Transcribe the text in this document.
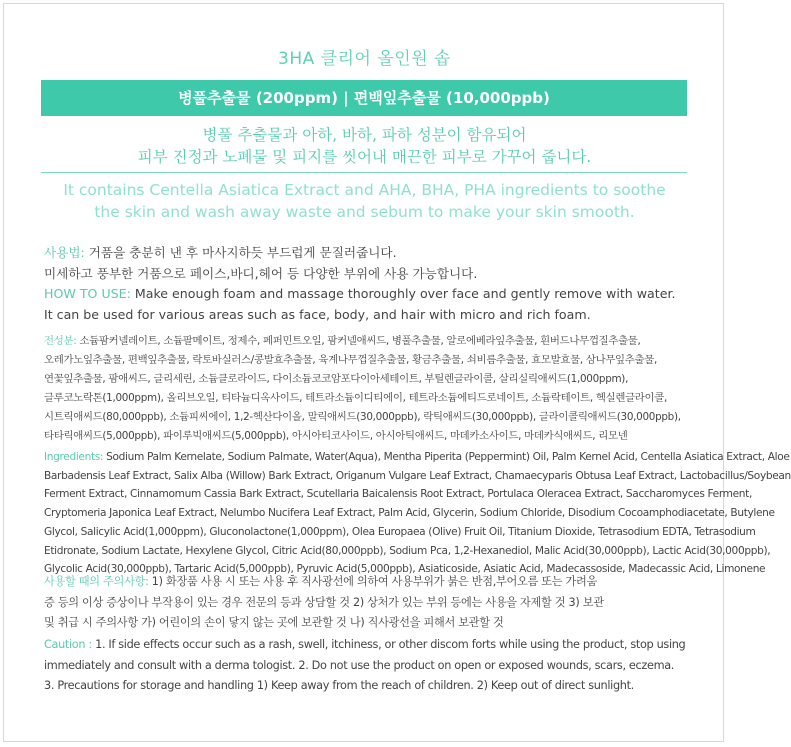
3HA 클리어 올인원 솝
병풀추출물 (200ppm) | 편백잎추출물 (10,000ppb)
병풀 추출물과 아하, 바하, 파하 성분이 함유되어
피부 진정과 노폐물 및 피지를 씻어내 매끈한 피부로 가꾸어 줍니다.
It contains Centella Asiatica Extract and AHA, BHA, PHA ingredients to soothe
the skin and wash away waste and sebum to make your skin smooth.
사용법: 거품을 충분히 낸 후 마사지하듯 부드럽게 문질러줍니다.
미세하고 풍부한 거품으로 페이스,바디,헤어 등 다양한 부위에 사용 가능합니다.
HOW TO USE: Make enough foam and massage thoroughly over face and gently remove with water.
It can be used for various areas such as face, body, and hair with micro and rich foam.
전성분: 소듐팜커넬레이트, 소듐팔메이트, 정제수, 페퍼민트오일, 팜커넬애씨드, 병풀추출물, 알로에베라잎추출물, 흰버드나무껍질추출물,
오레가노잎추출물, 편백잎추출물, 락토바실러스/콩발효추출물, 육계나무껍질추출물, 황금추출물, 쇠비름추출물, 효모발효물, 삼나무잎추출물,
연꽃잎추출물, 팜애씨드, 글리세린, 소듐클로라이드, 다이소듐코코암포다이아세테이트, 부틸렌글라이콜, 살리실릭애씨드(1,000ppm),
글루코노락톤(1,000ppm), 올리브오일, 티타늄디옥사이드, 테트라소듐이디티에이, 테트라소듐에티드로네이트, 소듐락테이트, 헥실렌글라이콜,
시트릭애씨드(80,000ppb), 소듐피씨에이, 1,2-헥산다이올, 말릭애씨드(30,000ppb), 락틱애씨드(30,000ppb), 글라이콜릭애씨드(30,000ppb),
타타릭애씨드(5,000ppb), 파이루빅애씨드(5,000ppb), 아시아티코사이드, 아시아틱애씨드, 마데카소사이드, 마데카식애씨드, 리모넨
Ingredients: Sodium Palm Kernelate, Sodium Palmate, Water(Aqua), Mentha Piperita (Peppermint) Oil, Palm Kernel Acid, Centella Asiatica Extract, Aloe
Barbadensis Leaf Extract, Salix Alba (Willow) Bark Extract, Origanum Vulgare Leaf Extract, Chamaecyparis Obtusa Leaf Extract, Lactobacillus/Soybean
Ferment Extract, Cinnamomum Cassia Bark Extract, Scutellaria Baicalensis Root Extract, Portulaca Oleracea Extract, Saccharomyces Ferment,
Cryptomeria Japonica Leaf Extract, Nelumbo Nucifera Leaf Extract, Palm Acid, Glycerin, Sodium Chloride, Disodium Cocoamphodiacetate, Butylene
Glycol, Salicylic Acid(1,000ppm), Gluconolactone(1,000ppm), Olea Europaea (Olive) Fruit Oil, Titanium Dioxide, Tetrasodium EDTA, Tetrasodium
Etidronate, Sodium Lactate, Hexylene Glycol, Citric Acid(80,000ppb), Sodium Pca, 1,2-Hexanediol, Malic Acid(30,000ppb), Lactic Acid(30,000ppb),
Glycolic Acid(30,000ppb), Tartaric Acid(5,000ppb), Pyruvic Acid(5,000ppb), Asiaticoside, Asiatic Acid, Madecassoside, Madecassic Acid, Limonene
사용할 때의 주의사항: 1) 화장품 사용 시 또는 사용 후 직사광선에 의하여 사용부위가 붉은 반점,부어오름 또는 가려움
증 등의 이상 증상이나 부작용이 있는 경우 전문의 등과 상담할 것 2) 상처가 있는 부위 등에는 사용을 자제할 것 3) 보관
및 취급 시 주의사항 가) 어린이의 손이 닿지 않는 곳에 보관할 것 나) 직사광선을 피해서 보관할 것
Caution : 1. If side effects occur such as a rash, swell, itchiness, or other discom forts while using the product, stop using
immediately and consult with a derma tologist. 2. Do not use the product on open or exposed wounds, scars, eczema.
3. Precautions for storage and handling 1) Keep away from the reach of children. 2) Keep out of direct sunlight.
